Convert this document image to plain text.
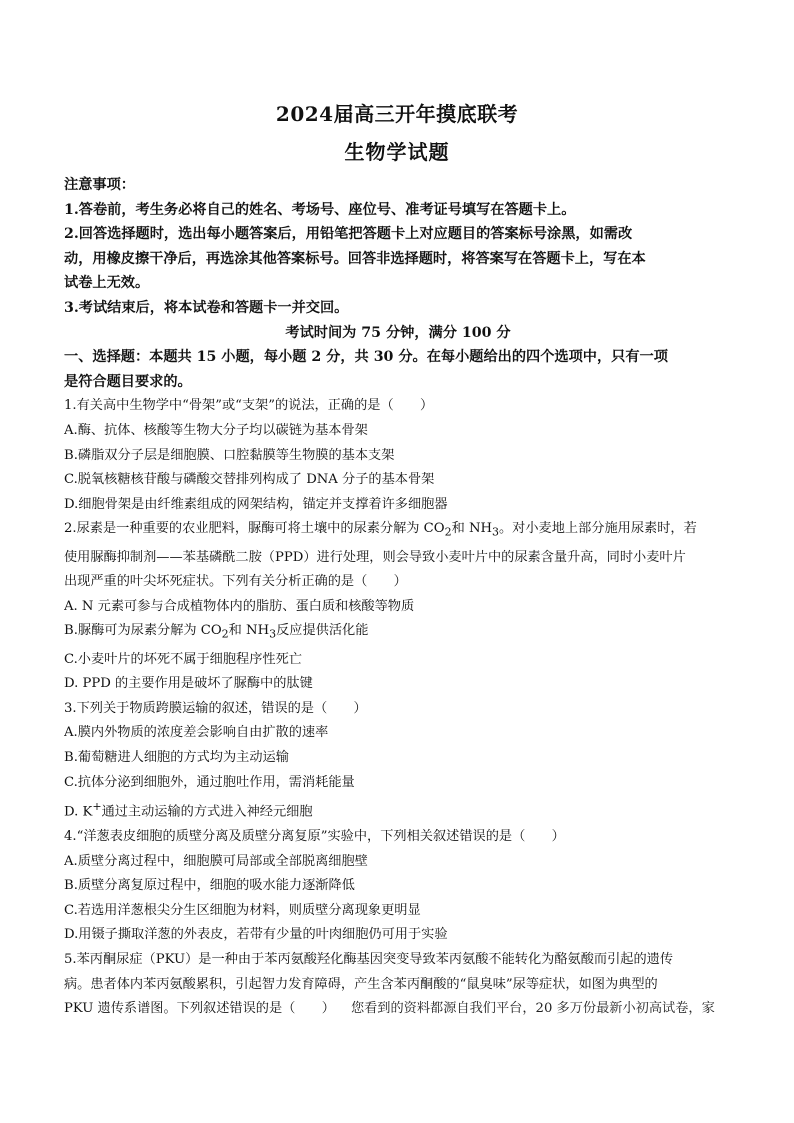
2024届高三开年摸底联考
生物学试题
注意事项：
1.答卷前，考生务必将自己的姓名、考场号、座位号、准考证号填写在答题卡上。
2.回答选择题时，选出每小题答案后，用铅笔把答题卡上对应题目的答案标号涂黑，如需改
动，用橡皮擦干净后，再选涂其他答案标号。回答非选择题时，将答案写在答题卡上，写在本
试卷上无效。
3.考试结束后，将本试卷和答题卡一并交回。
考试时间为 75 分钟，满分 100 分
一、选择题：本题共 15 小题，每小题 2 分，共 30 分。在每小题给出的四个选项中，只有一项
是符合题目要求的。
1.有关高中生物学中“骨架”或“支架”的说法，正确的是（　　）
A.酶、抗体、核酸等生物大分子均以碳链为基本骨架
B.磷脂双分子层是细胞膜、口腔黏膜等生物膜的基本支架
C.脱氧核糖核苷酸与磷酸交替排列构成了 DNA 分子的基本骨架
D.细胞骨架是由纤维素组成的网架结构，锚定并支撑着许多细胞器
2.尿素是一种重要的农业肥料，脲酶可将土壤中的尿素分解为 $CO_2$和 $NH_3$。对小麦地上部分施用尿素时，若
使用脲酶抑制剂——苯基磷酰二胺（PPD）进行处理，则会导致小麦叶片中的尿素含量升高，同时小麦叶片
出现严重的叶尖坏死症状。下列有关分析正确的是（　　）
A. N 元素可参与合成植物体内的脂肪、蛋白质和核酸等物质
B.脲酶可为尿素分解为 $CO_2$和 $NH_3$反应提供活化能
C.小麦叶片的坏死不属于细胞程序性死亡
D. PPD 的主要作用是破坏了脲酶中的肽键
3.下列关于物质跨膜运输的叙述，错误的是（　　）
A.膜内外物质的浓度差会影响自由扩散的速率
B.葡萄糖进人细胞的方式均为主动运输
C.抗体分泌到细胞外，通过胞吐作用，需消耗能量
D. K+通过主动运输的方式进入神经元细胞
4.“洋葱表皮细胞的质壁分离及质壁分离复原”实验中，下列相关叙述错误的是（　　）
A.质壁分离过程中，细胞膜可局部或全部脱离细胞壁
B.质壁分离复原过程中，细胞的吸水能力逐渐降低
C.若选用洋葱根尖分生区细胞为材料，则质壁分离现象更明显
D.用镊子撕取洋葱的外表皮，若带有少量的叶肉细胞仍可用于实验
5.苯丙酮尿症（PKU）是一种由于苯丙氨酸羟化酶基因突变导致苯丙氨酸不能转化为酪氨酸而引起的遗传
病。患者体内苯丙氨酸累积，引起智力发育障碍，产生含苯丙酮酸的“鼠臭味”尿等症状，如图为典型的
PKU 遗传系谱图。下列叙述错误的是（　　） 您看到的资料都源自我们平台，20 多万份最新小初高试卷，家
